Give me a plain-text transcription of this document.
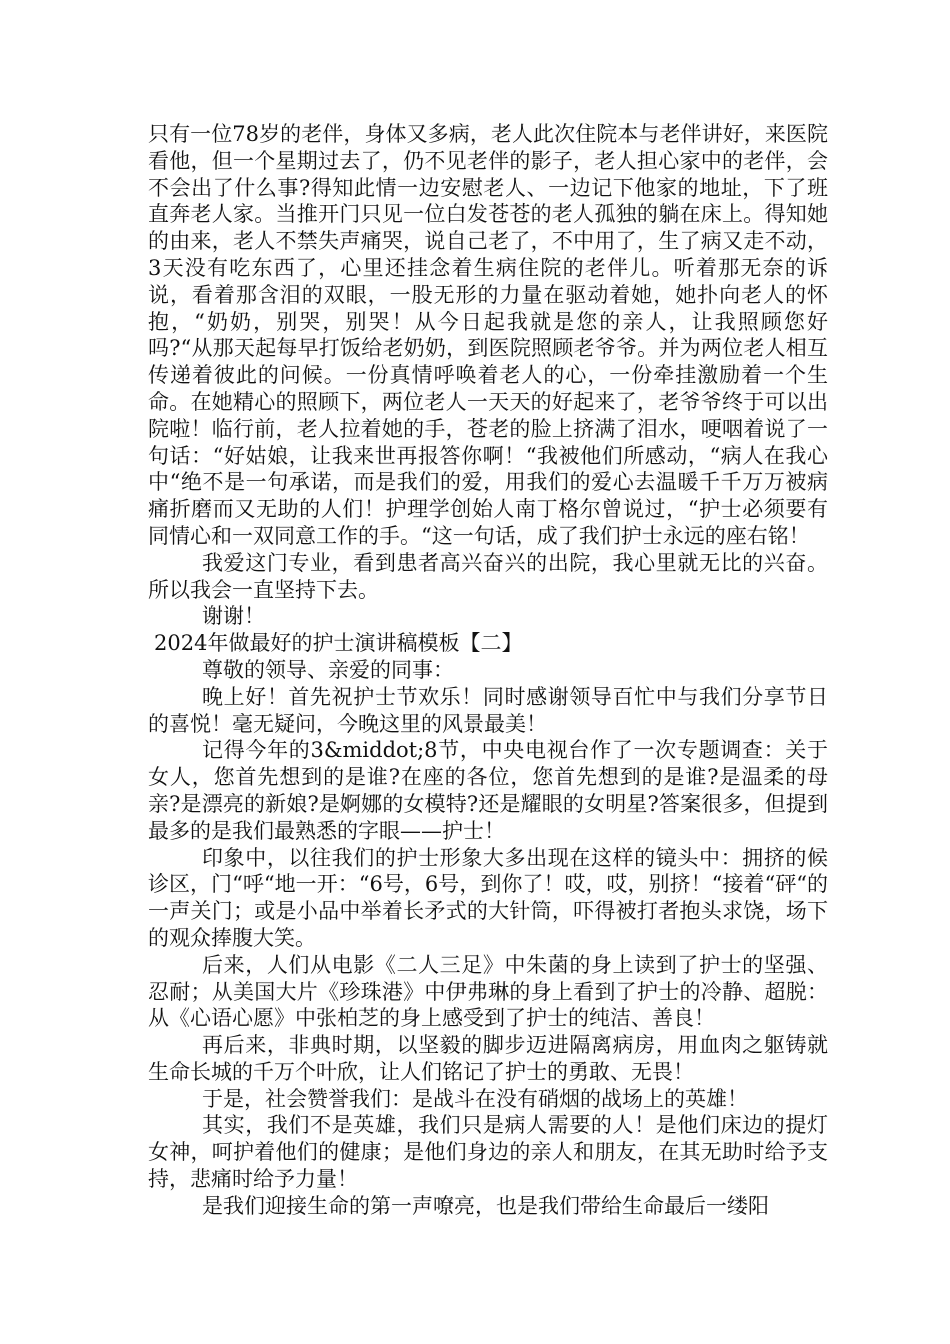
只有一位78岁的老伴，身体又多病，老人此次住院本与老伴讲好，来医院看他，但一个星期过去了，仍不见老伴的影子，老人担心家中的老伴，会不会出了什么事?得知此情一边安慰老人、一边记下他家的地址，下了班直奔老人家。当推开门只见一位白发苍苍的老人孤独的躺在床上。得知她的由来，老人不禁失声痛哭，说自己老了，不中用了，生了病又走不动，3天没有吃东西了，心里还挂念着生病住院的老伴儿。听着那无奈的诉说，看着那含泪的双眼，一股无形的力量在驱动着她，她扑向老人的怀抱，“奶奶，别哭，别哭！从今日起我就是您的亲人，让我照顾您好吗?“从那天起每早打饭给老奶奶，到医院照顾老爷爷。并为两位老人相互传递着彼此的问候。一份真情呼唤着老人的心，一份牵挂激励着一个生命。在她精心的照顾下，两位老人一天天的好起来了，老爷爷终于可以出院啦！临行前，老人拉着她的手，苍老的脸上挤满了泪水，哽咽着说了一句话：“好姑娘，让我来世再报答你啊！“我被他们所感动，“病人在我心中“绝不是一句承诺，而是我们的爱，用我们的爱心去温暖千千万万被病痛折磨而又无助的人们！护理学创始人南丁格尔曾说过，“护士必须要有同情心和一双同意工作的手。“这一句话，成了我们护士永远的座右铭！

我爱这门专业，看到患者高兴奋兴的出院，我心里就无比的兴奋。所以我会一直坚持下去。

谢谢！

2024年做最好的护士演讲稿模板【二】

尊敬的领导、亲爱的同事：

晚上好！首先祝护士节欢乐！同时感谢领导百忙中与我们分享节日的喜悦！毫无疑问，今晚这里的风景最美！

记得今年的3&middot;8节，中央电视台作了一次专题调查：关于女人，您首先想到的是谁?在座的各位，您首先想到的是谁?是温柔的母亲?是漂亮的新娘?是婀娜的女模特?还是耀眼的女明星?答案很多，但提到最多的是我们最熟悉的字眼——护士！

印象中，以往我们的护士形象大多出现在这样的镜头中：拥挤的候诊区，门“呼“地一开：“6号，6号，到你了！哎，哎，别挤！“接着“砰“的一声关门；或是小品中举着长矛式的大针筒，吓得被打者抱头求饶，场下的观众捧腹大笑。

后来，人们从电影《二人三足》中朱菌的身上读到了护士的坚强、忍耐；从美国大片《珍珠港》中伊弗琳的身上看到了护士的冷静、超脱：从《心语心愿》中张柏芝的身上感受到了护士的纯洁、善良！

再后来，非典时期，以坚毅的脚步迈进隔离病房，用血肉之躯铸就生命长城的千万个叶欣，让人们铭记了护士的勇敢、无畏！

于是，社会赞誉我们：是战斗在没有硝烟的战场上的英雄！

其实，我们不是英雄，我们只是病人需要的人！是他们床边的提灯女神，呵护着他们的健康；是他们身边的亲人和朋友，在其无助时给予支持，悲痛时给予力量！

是我们迎接生命的第一声嘹亮，也是我们带给生命最后一缕阳
